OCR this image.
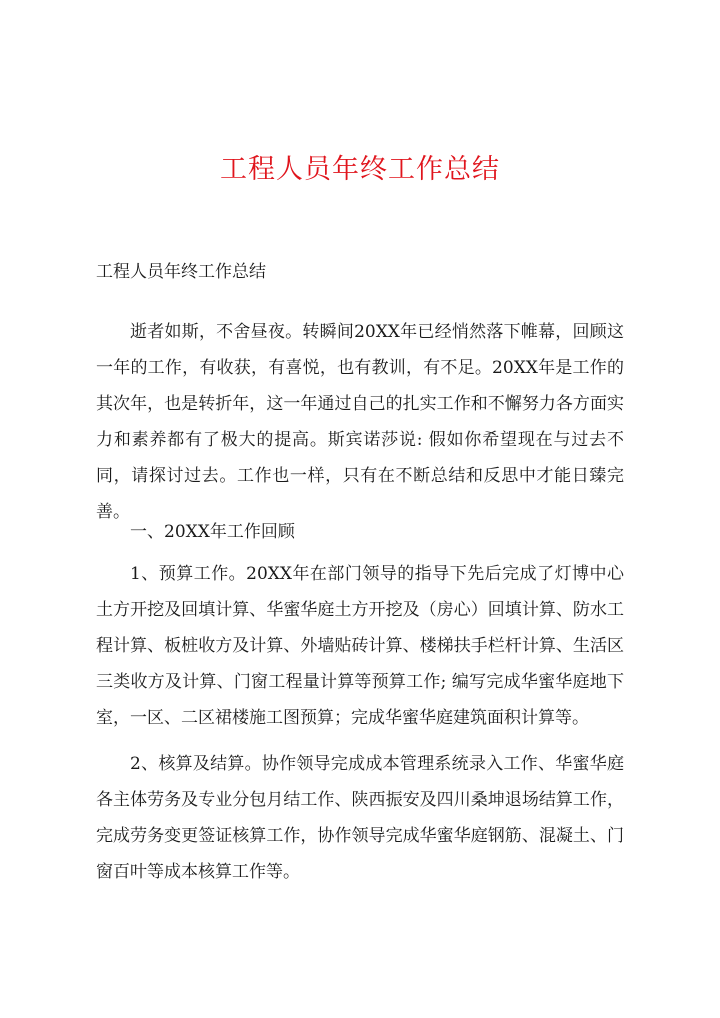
工程人员年终工作总结

工程人员年终工作总结

逝者如斯，不舍昼夜。转瞬间20XX年已经悄然落下帷幕，回顾这一年的工作，有收获，有喜悦，也有教训，有不足。20XX年是工作的其次年，也是转折年，这一年通过自己的扎实工作和不懈努力各方面实力和素养都有了极大的提高。斯宾诺莎说: 假如你希望现在与过去不同，请探讨过去。工作也一样，只有在不断总结和反思中才能日臻完善。

一、20XX年工作回顾

1、预算工作。20XX年在部门领导的指导下先后完成了灯博中心土方开挖及回填计算、华蜜华庭土方开挖及（房心）回填计算、防水工程计算、板桩收方及计算、外墙贴砖计算、楼梯扶手栏杆计算、生活区三类收方及计算、门窗工程量计算等预算工作; 编写完成华蜜华庭地下室，一区、二区裙楼施工图预算；完成华蜜华庭建筑面积计算等。

2、核算及结算。协作领导完成成本管理系统录入工作、华蜜华庭各主体劳务及专业分包月结工作、陕西振安及四川桑坤退场结算工作，完成劳务变更签证核算工作，协作领导完成华蜜华庭钢筋、混凝土、门窗百叶等成本核算工作等。
